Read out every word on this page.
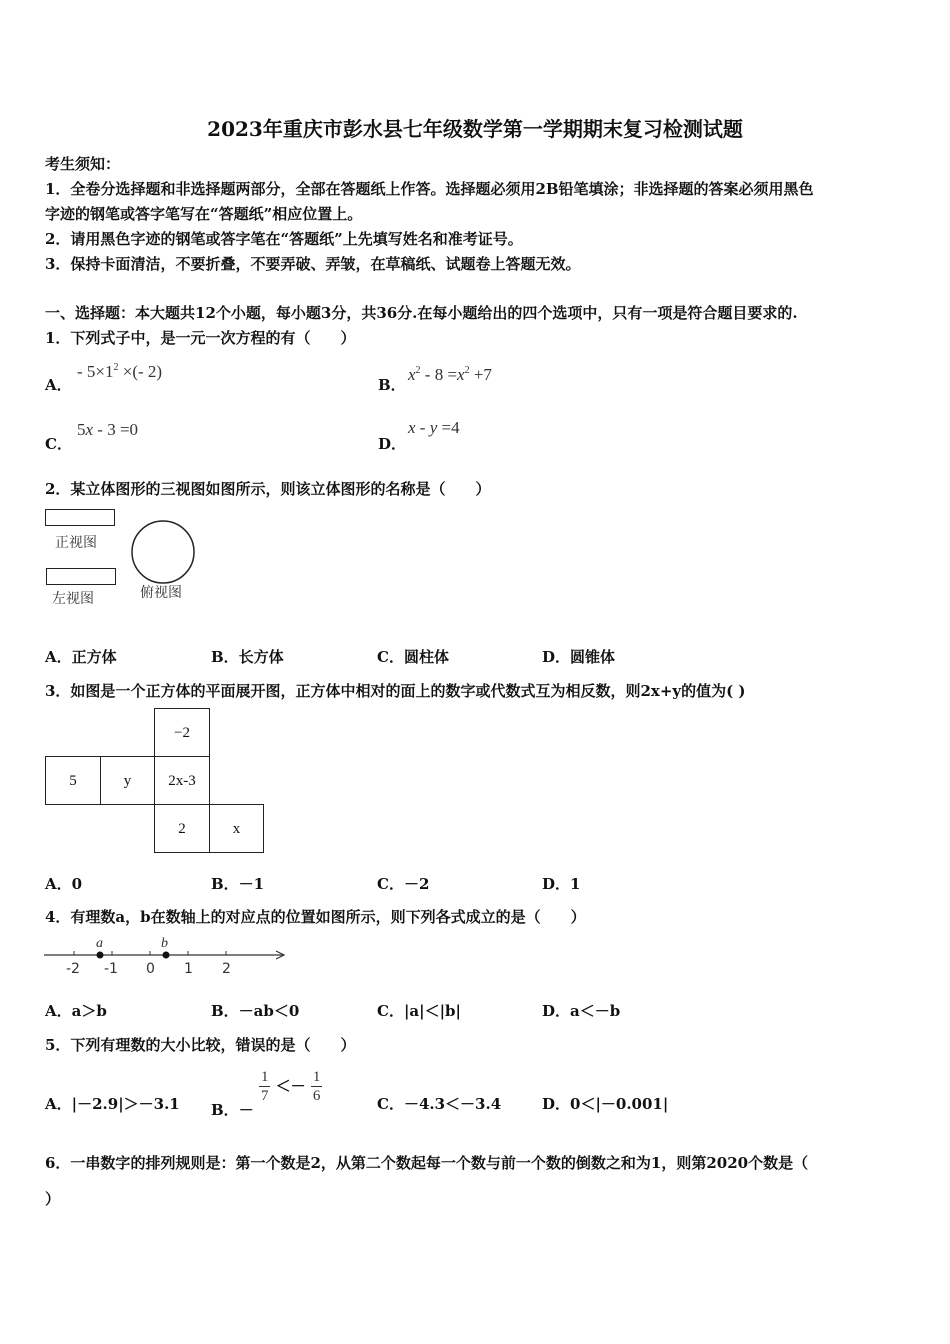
2023年重庆市彭水县七年级数学第一学期期末复习检测试题
考生须知：
1．全卷分选择题和非选择题两部分，全部在答题纸上作答。选择题必须用2B铅笔填涂；非选择题的答案必须用黑色
字迹的钢笔或答字笔写在“答题纸”相应位置上。
2．请用黑色字迹的钢笔或答字笔在“答题纸”上先填写姓名和准考证号。
3．保持卡面清洁，不要折叠，不要弄破、弄皱，在草稿纸、试题卷上答题无效。
一、选择题：本大题共12个小题，每小题3分，共36分.在每小题给出的四个选项中，只有一项是符合题目要求的.
1．下列式子中，是一元一次方程的有（　　）
A．
- $5\times 1^2$ ×(- 2)
B．
$x^2 - 8 =x^2 +7$
C．
5x - 3 =0
D．
x - y =4
2．某立体图形的三视图如图所示，则该立体图形的名称是（　　）
正视图
左视图	俯视图
A．正方体	B．长方体	C．圆柱体	D．圆锥体
3．如图是一个正方体的平面展开图，正方体中相对的面上的数字或代数式互为相反数，则2x+y的值为( )
−2
5	y	2x-3
2	x
A．0	B．－1	C．－2	D．1
4．有理数a，b在数轴上的对应点的位置如图所示，则下列各式成立的是（　　）
a	b
-2 -1 0 1 2
A．a＞b	B．－ab＜0	C．|a|＜|b|	D．a＜－b
5．下列有理数的大小比较，错误的是（　　）
A．|－2.9|＞－3.1 B．－
$\frac{1}{7} <- \frac{1}{6}$	C．－4.3＜－3.4	D．0＜|－0.001|
6．一串数字的排列规则是：第一个数是2，从第二个数起每一个数与前一个数的倒数之和为1，则第2020个数是（
）
